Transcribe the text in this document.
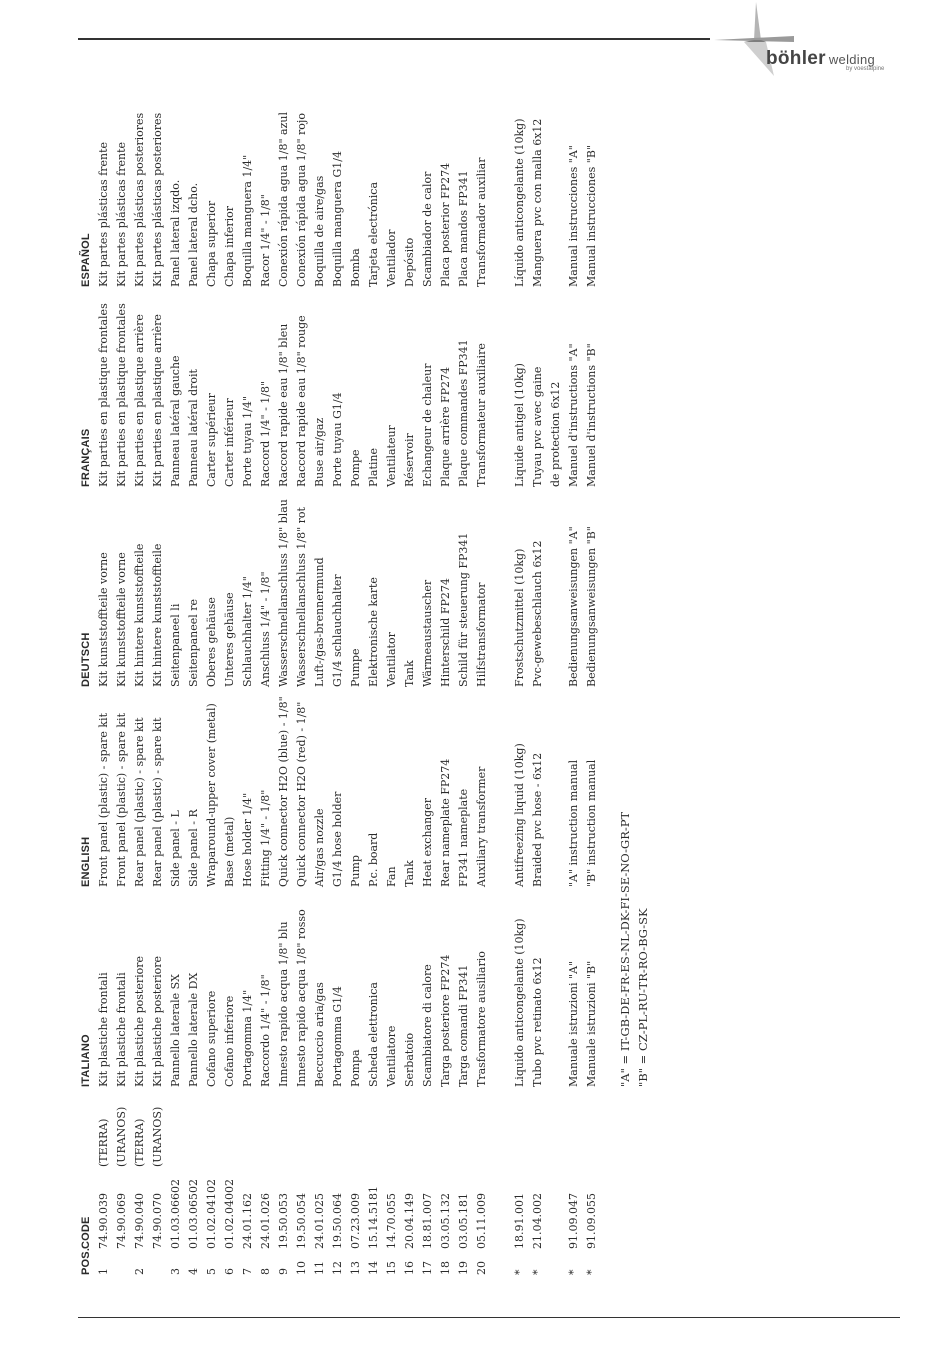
böhler welding
by voestalpine
POS.
CODE
ITALIANO
ENGLISH
DEUTSCH
FRANÇAIS
ESPAÑOL
1
74.90.039
(TERRA)
Kit plastiche frontali
Front panel (plastic) - spare kit
Kit kunststoffteile vorne
Kit parties en plastique frontales
Kit partes plásticas frente
74.90.069
(URANOS)
Kit plastiche frontali
Front panel (plastic) - spare kit
Kit kunststoffteile vorne
Kit parties en plastique frontales
Kit partes plásticas frente
2
74.90.040
(TERRA)
Kit plastiche posteriore
Rear panel (plastic) - spare kit
Kit hintere kunststoffteile
Kit parties en plastique arrière
Kit partes plásticas posteriores
74.90.070
(URANOS)
Kit plastiche posteriore
Rear panel (plastic) - spare kit
Kit hintere kunststoffteile
Kit parties en plastique arrière
Kit partes plásticas posteriores
3
01.03.06602
Pannello laterale SX
Side panel - L
Seitenpaneel li
Panneau latéral gauche
Panel lateral izqdo.
4
01.03.06502
Pannello laterale DX
Side panel - R
Seitenpaneel re
Panneau latéral droit
Panel lateral dcho.
5
01.02.04102
Cofano superiore
Wraparound-upper cover (metal)
Oberes gehäuse
Carter supérieur
Chapa superior
6
01.02.04002
Cofano inferiore
Base (metal)
Unteres gehäuse
Carter inférieur
Chapa inferior
7
24.01.162
Portagomma 1/4"
Hose holder 1/4"
Schlauchhalter 1/4"
Porte tuyau 1/4"
Boquilla manguera 1/4"
8
24.01.026
Raccordo 1/4" - 1/8"
Fitting 1/4" - 1/8"
Anschluss 1/4" - 1/8"
Raccord 1/4" - 1/8"
Racor 1/4" - 1/8"
9
19.50.053
Innesto rapido acqua 1/8" blu
Quick connector H2O (blue) - 1/8"
Wasserschnellanschluss 1/8" blau
Raccord rapide eau 1/8" bleu
Conexión rápida agua 1/8" azul
10
19.50.054
Innesto rapido acqua 1/8" rosso
Quick connector H2O (red) - 1/8"
Wasserschnellanschluss 1/8" rot
Raccord rapide eau 1/8" rouge
Conexión rápida agua 1/8" rojo
11
24.01.025
Beccuccio aria/gas
Air/gas nozzle
Luft-/gas-brennermund
Buse air/gaz
Boquilla de aire/gas
12
19.50.064
Portagomma G1/4
G1/4 hose holder
G1/4 schlauchhalter
Porte tuyau G1/4
Boquilla manguera G1/4
13
07.23.009
Pompa
Pump
Pumpe
Pompe
Bomba
14
15.14.5181
Scheda elettronica
P.c. board
Elektronische karte
Platine
Tarjeta electrónica
15
14.70.055
Ventilatore
Fan
Ventilator
Ventilateur
Ventilador
16
20.04.149
Serbatoio
Tank
Tank
Réservoir
Depósito
17
18.81.007
Scambiatore di calore
Heat exchanger
Wärmeaustauscher
Echangeur de chaleur
Scambiador de calor
18
03.05.132
Targa posteriore FP274
Rear nameplate FP274
Hinterschild FP274
Plaque arrière FP274
Placa posterior FP274
19
03.05.181
Targa comandi FP341
FP341 nameplate
Schild für steuerung FP341
Plaque commandes FP341
Placa mandos FP341
20
05.11.009
Trasformatore ausiliario
Auxiliary transformer
Hilfstransformator
Transformateur auxiliaire
Transformador auxiliar
*
18.91.001
Liquido anticongelante (10kg)
Antifreezing liquid (10kg)
Frostschutzmittel (10kg)
Liquide antigel (10kg)
Líquido anticongelante (10kg)
*
21.04.002
Tubo pvc retinato 6x12
Braided pvc hose - 6x12
Pvc-gewebeschlauch 6x12
Tuyau pvc avec gaine de protection 6x12
Manguera pvc con malla 6x12
*
91.09.047
Manuale istruzioni "A"
"A" instruction manual
Bedienungsanweisungen "A"
Manuel d'instructions "A"
Manual instrucciones "A"
*
91.09.055
Manuale istruzioni "B"
"B" instruction manual
Bedienungsanweisungen "B"
Manuel d'instructions "B"
Manual instrucciones "B"
"A" = IT-GB-DE-FR-ES-NL-DK-FI-SE-NO-GR-PT "B" = CZ-PL-RU-TR-RO-BG-SK
